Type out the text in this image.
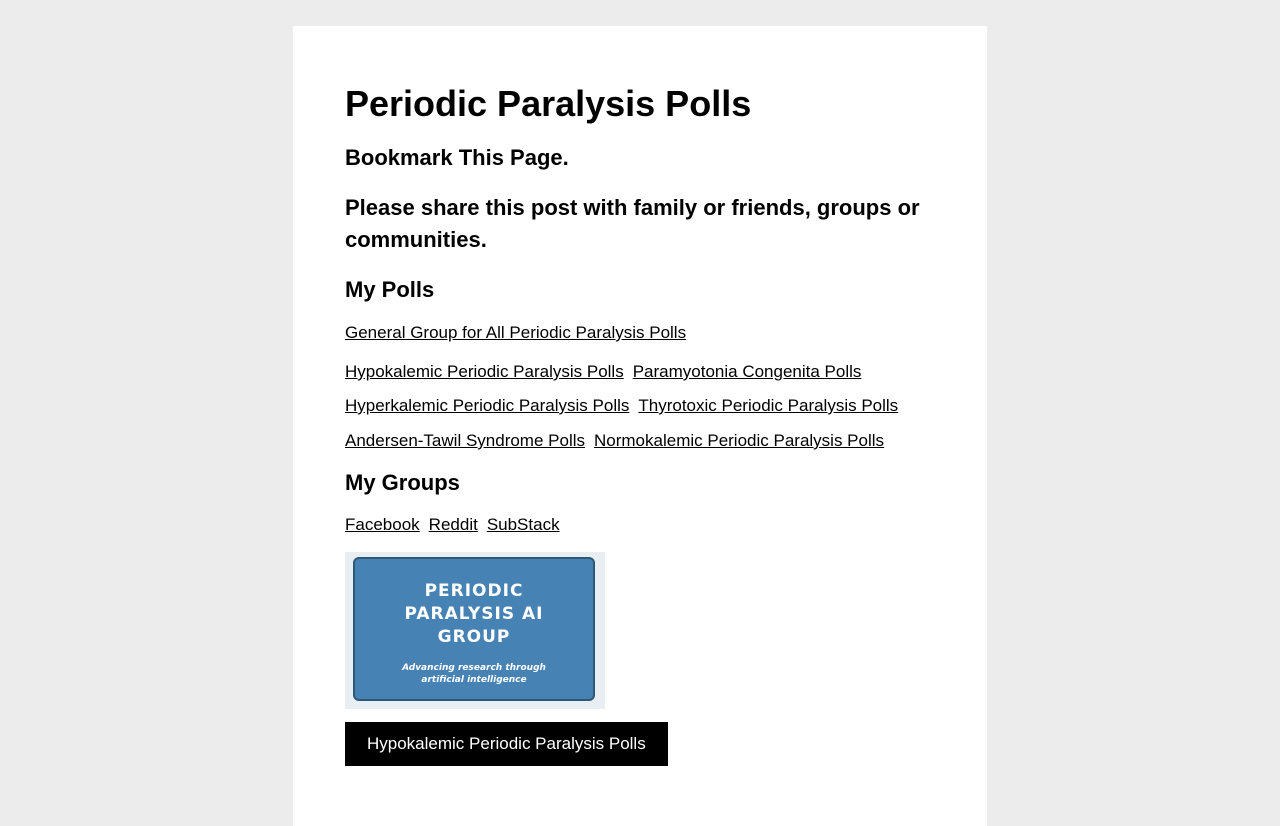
Periodic Paralysis Polls
Bookmark This Page.
Please share this post with family or friends, groups or communities.
My Polls
General Group for All Periodic Paralysis Polls
Hypokalemic Periodic Paralysis Polls Paramyotonia Congenita Polls
Hyperkalemic Periodic Paralysis Polls Thyrotoxic Periodic Paralysis Polls
Andersen-Tawil Syndrome Polls Normokalemic Periodic Paralysis Polls
My Groups
Facebook Reddit SubStack
PERIODIC PARALYSIS AI GROUP
Advancing research through artificial intelligence
Hypokalemic Periodic Paralysis Polls
